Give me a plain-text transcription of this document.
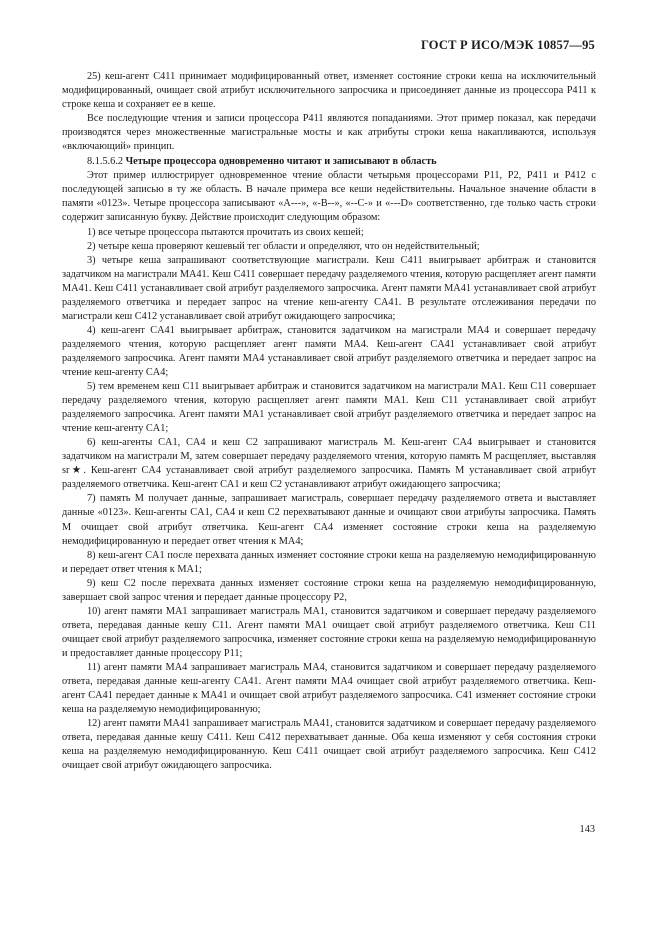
ГОСТ Р ИСО/МЭК 10857—95

25) кеш-агент C411 принимает модифицированный ответ, изменяет состояние строки кеша на исключительный модифицированный, очищает свой атрибут исключительного запросчика и присоединяет данные из процессора P411 к строке кеша и сохраняет ее в кеше.

Все последующие чтения и записи процессора P411 являются попаданиями. Этот пример показал, как передачи производятся через множественные магистральные мосты и как атрибуты строки кеша накапливаются, используя «включающий» принцип.

8.1.5.6.2 Четыре процессора одновременно читают и записывают в область

Этот пример иллюстрирует одновременное чтение области четырьмя процессорами P11, P2, P411 и P412 с последующей записью в ту же область. В начале примера все кеши недействительны. Начальное значение области в памяти «0123». Четыре процессора записывают «A---», «-B--», «--C-» и «---D» соответственно, где только часть строки содержит записанную букву. Действие происходит следующим образом:

1) все четыре процессора пытаются прочитать из своих кешей;

2) четыре кеша проверяют кешевый тег области и определяют, что он недействительный;

3) четыре кеша запрашивают соответствующие магистрали. Кеш C411 выигрывает арбитраж и становится задатчиком на магистрали MA41. Кеш C411 совершает передачу разделяемого чтения, которую расщепляет агент памяти MA41. Кеш C411 устанавливает свой атрибут разделяемого запросчика. Агент памяти MA41 устанавливает свой атрибут разделяемого ответчика и передает запрос на чтение кеш-агенту CA41. В результате отслеживания передачи по магистрали кеш C412 устанавливает свой атрибут ожидающего запросчика;

4) кеш-агент CA41 выигрывает арбитраж, становится задатчиком на магистрали MA4 и совершает передачу разделяемого чтения, которую расщепляет агент памяти MA4. Кеш-агент CA41 устанавливает свой атрибут разделяемого запросчика. Агент памяти MA4 устанавливает свой атрибут разделяемого ответчика и передает запрос на чтение кеш-агенту CA4;

5) тем временем кеш C11 выигрывает арбитраж и становится задатчиком на магистрали MA1. Кеш C11 совершает передачу разделяемого чтения, которую расщепляет агент памяти MA1. Кеш C11 устанавливает свой атрибут разделяемого запросчика. Агент памяти MA1 устанавливает свой атрибут разделяемого ответчика и передает запрос на чтение кеш-агенту CA1;

6) кеш-агенты CA1, CA4 и кеш C2 запрашивают магистраль M. Кеш-агент CA4 выигрывает и становится задатчиком на магистрали M, затем совершает передачу разделяемого чтения, которую память M расщепляет, выставляя sr★. Кеш-агент CA4 устанавливает свой атрибут разделяемого запросчика. Память M устанавливает свой атрибут разделяемого ответчика. Кеш-агент CA1 и кеш C2 устанавливают атрибут ожидающего запросчика;

7) память M получает данные, запрашивает магистраль, совершает передачу разделяемого ответа и выставляет данные «0123». Кеш-агенты CA1, CA4 и кеш C2 перехватывают данные и очищают свои атрибуты запросчика. Память M очищает свой атрибут ответчика. Кеш-агент CA4 изменяет состояние строки кеша на разделяемую немодифицированную и передает ответ чтения к MA4;

8) кеш-агент CA1 после перехвата данных изменяет состояние строки кеша на разделяемую немодифицированную и передает ответ чтения к MA1;

9) кеш C2 после перехвата данных изменяет состояние строки кеша на разделяемую немодифицированную, завершает свой запрос чтения и передает данные процессору P2,

10) агент памяти MA1 запрашивает магистраль MA1, становится задатчиком и совершает передачу разделяемого ответа, передавая данные кешу C11. Агент памяти MA1 очищает свой атрибут разделяемого ответчика. Кеш C11 очищает свой атрибут разделяемого запросчика, изменяет состояние строки кеша на разделяемую немодифицированную и предоставляет данные процессору P11;

11) агент памяти MA4 запрашивает магистраль MA4, становится задатчиком и совершает передачу разделяемого ответа, передавая данные кеш-агенту CA41. Агент памяти MA4 очищает свой атрибут разделяемого ответчика. Кеш-агент CA41 передает данные к MA41 и очищает свой атрибут разделяемого запросчика. C41 изменяет состояние строки кеша на разделяемую немодифицированную;

12) агент памяти MA41 запрашивает магистраль MA41, становится задатчиком и совершает передачу разделяемого ответа, передавая данные кешу C411. Кеш C412 перехватывает данные. Оба кеша изменяют у себя состояния строки кеша на разделяемую немодифицированную. Кеш C411 очищает свой атрибут разделяемого запросчика. Кеш C412 очищает свой атрибут ожидающего запросчика.

143
